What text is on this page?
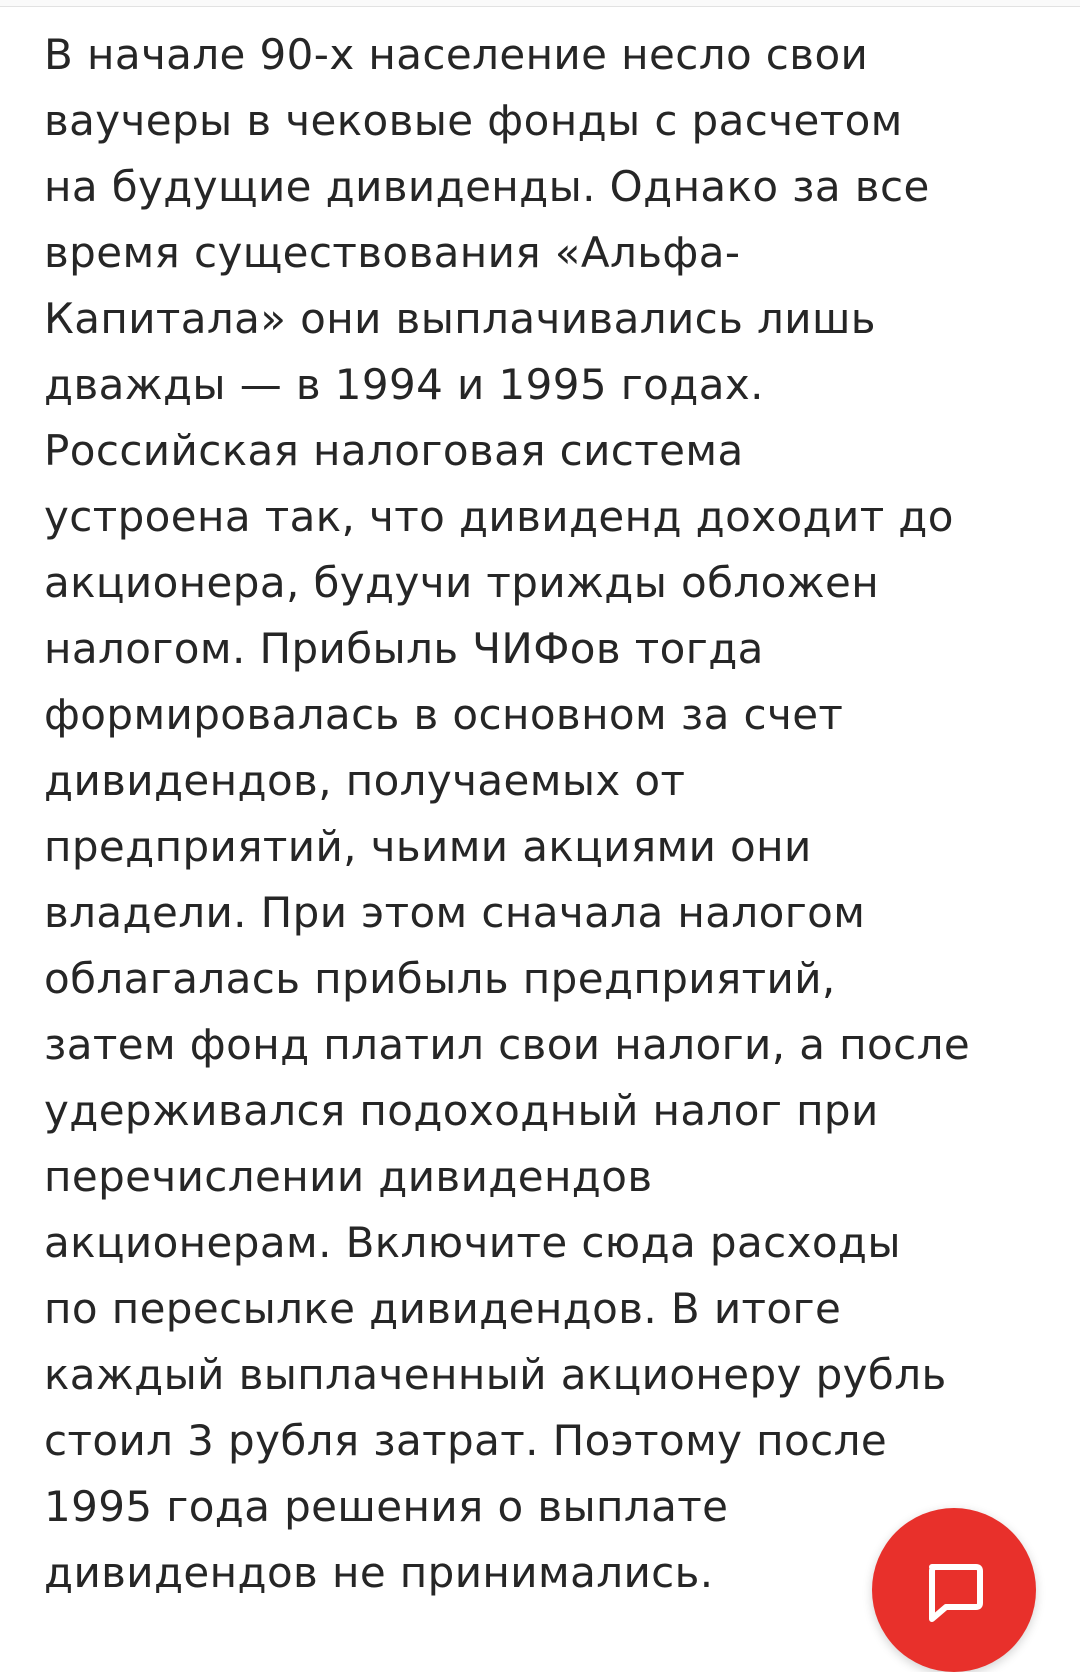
В начале 90-х население несло свои
ваучеры в чековые фонды с расчетом
на будущие дивиденды. Однако за все
время существования «Альфа-
Капитала» они выплачивались лишь
дважды — в 1994 и 1995 годах.
Российская налоговая система
устроена так, что дивиденд доходит до
акционера, будучи трижды обложен
налогом. Прибыль ЧИФов тогда
формировалась в основном за счет
дивидендов, получаемых от
предприятий, чьими акциями они
владели. При этом сначала налогом
облагалась прибыль предприятий,
затем фонд платил свои налоги, а после
удерживался подоходный налог при
перечислении дивидендов
акционерам. Включите сюда расходы
по пересылке дивидендов. В итоге
каждый выплаченный акционеру рубль
стоил 3 рубля затрат. Поэтому после
1995 года решения о выплате
дивидендов не принимались.
